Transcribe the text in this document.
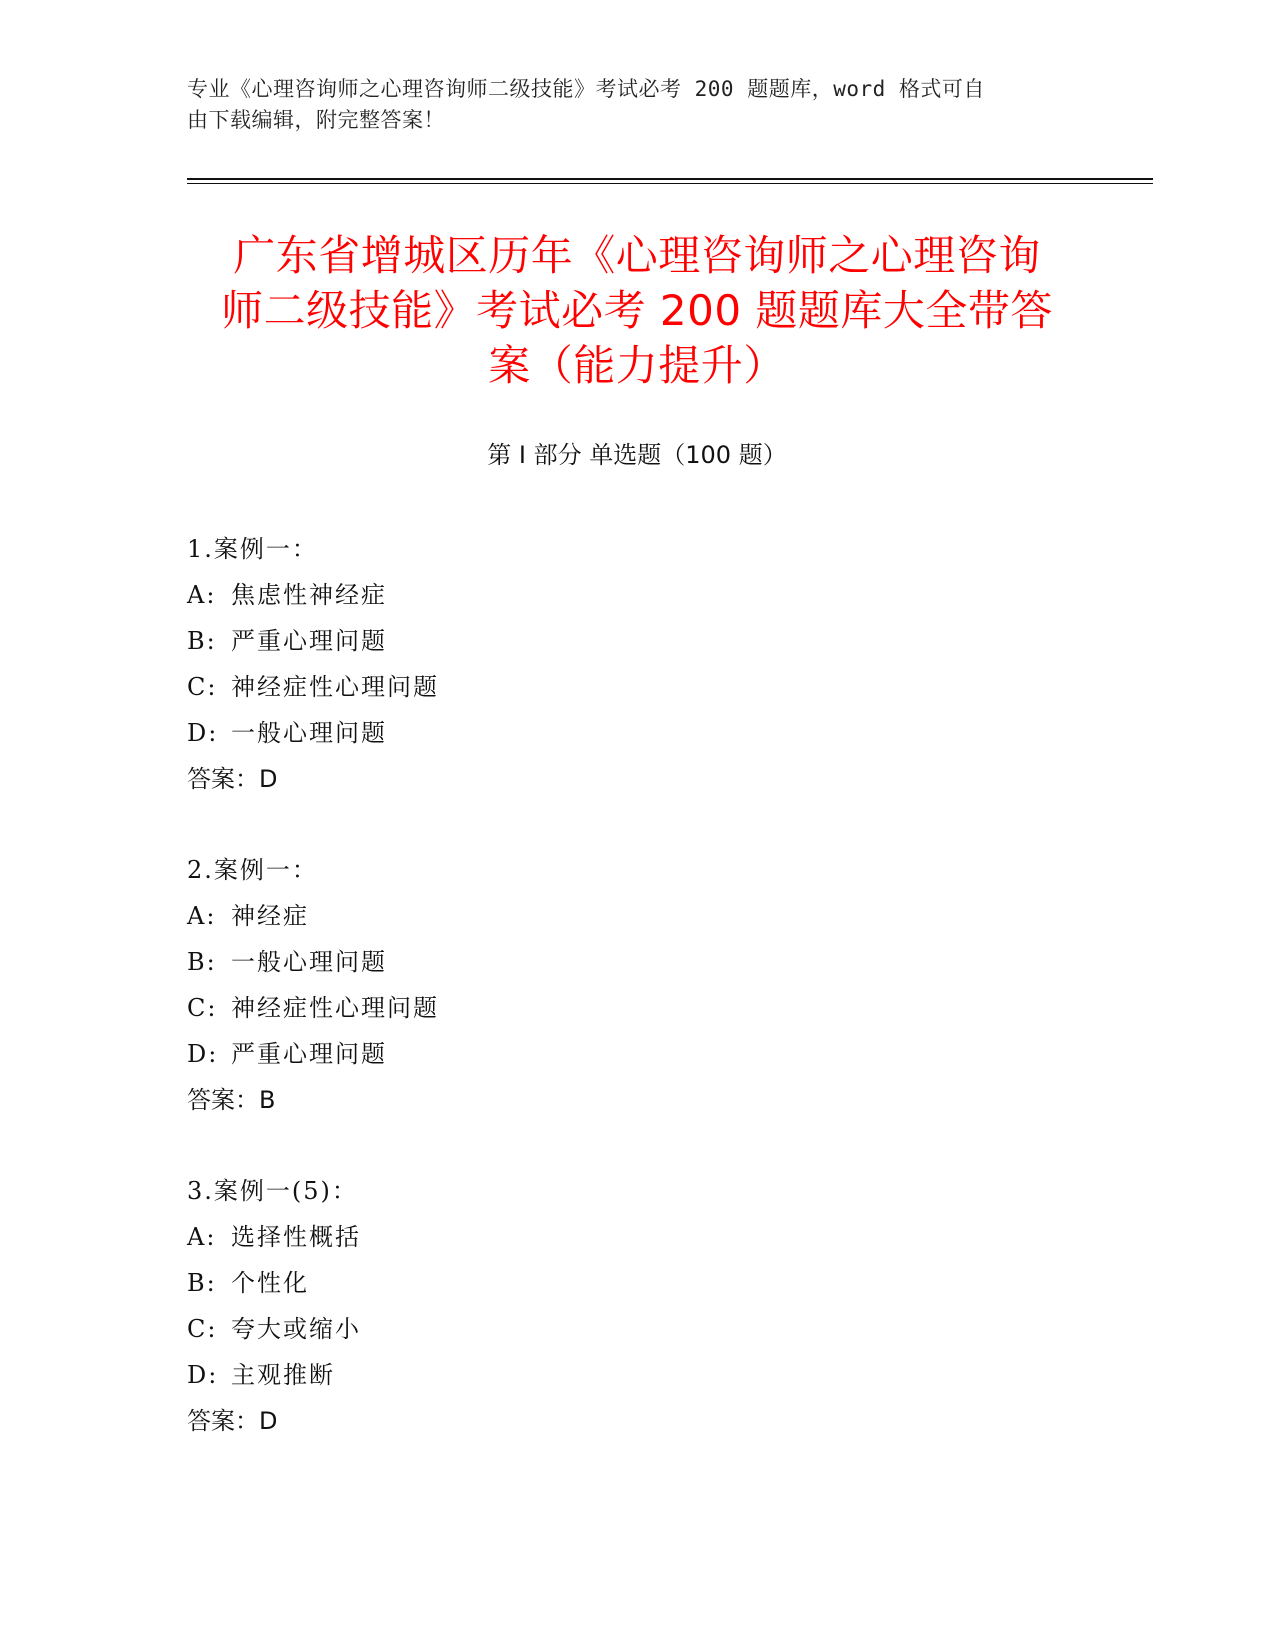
专业《心理咨询师之心理咨询师二级技能》考试必考 200 题题库，word 格式可自
由下载编辑，附完整答案！
广东省增城区历年《心理咨询师之心理咨询
师二级技能》考试必考 200 题题库大全带答
案（能力提升）
第 I 部分 单选题（100 题）
1.案例一：
A: 焦虑性神经症
B: 严重心理问题
C: 神经症性心理问题
D: 一般心理问题
答案：D
2.案例一：
A: 神经症
B: 一般心理问题
C: 神经症性心理问题
D: 严重心理问题
答案：B
3.案例一(5)：
A: 选择性概括
B: 个性化
C: 夸大或缩小
D: 主观推断
答案：D
